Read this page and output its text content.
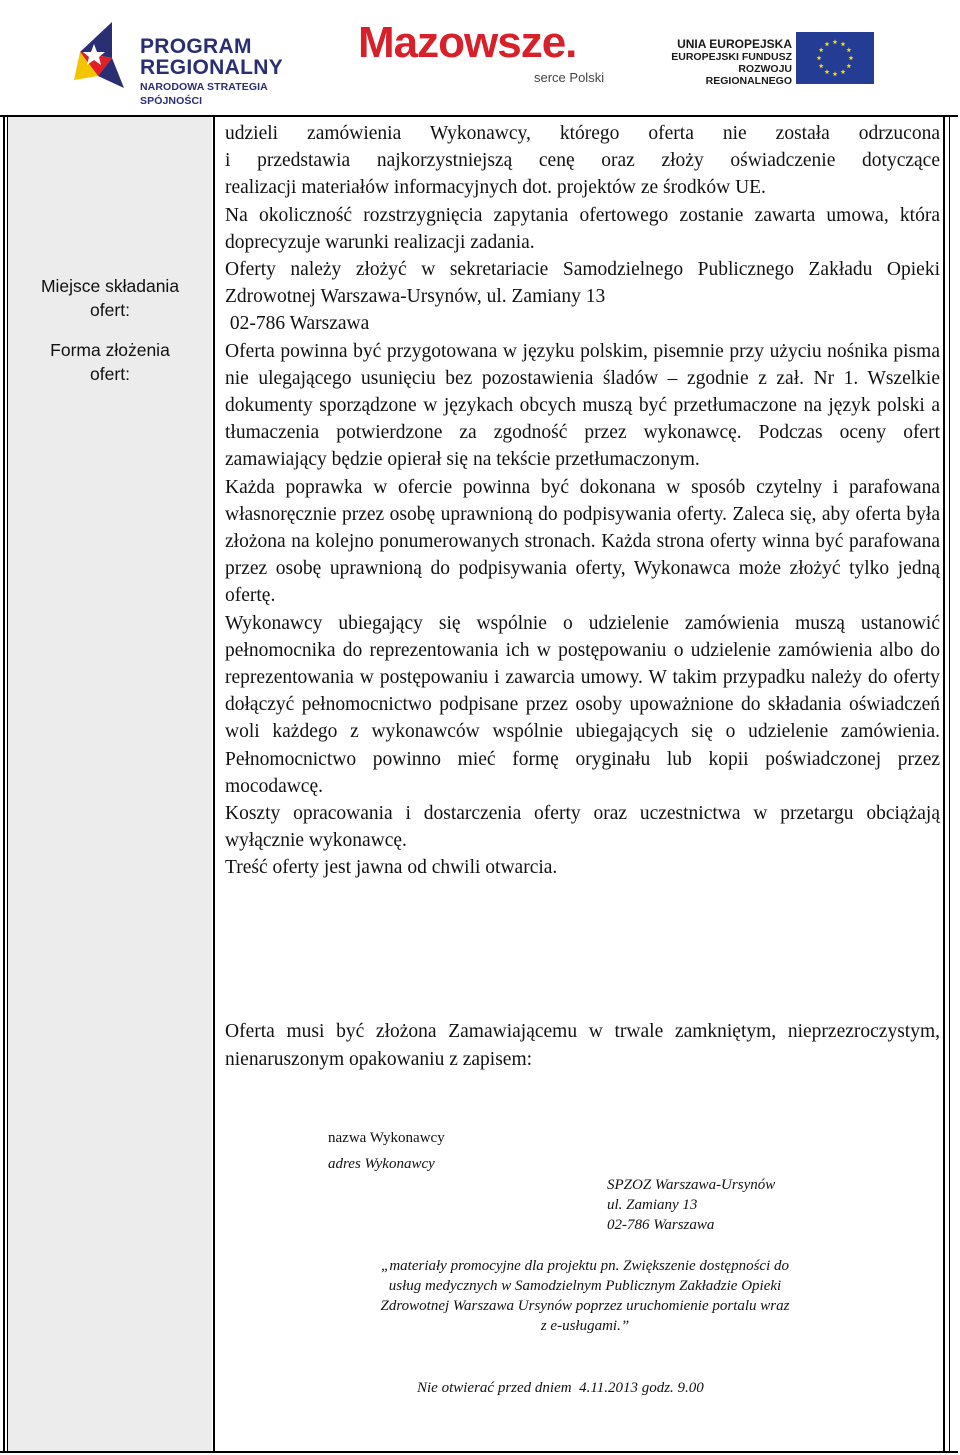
PROGRAM
REGIONALNY
NARODOWA STRATEGIA SPÓJNOŚCI
Mazowsze.
serce Polski
UNIA EUROPEJSKA
EUROPEJSKI FUNDUSZ
ROZWOJU REGIONALNEGO
Miejsce składania
ofert:
Forma złożenia
ofert:

udzieli zamówienia Wykonawcy, którego oferta nie została odrzucona

i przedstawia najkorzystniejszą cenę oraz złoży oświadczenie dotyczące

realizacji materiałów informacyjnych dot. projektów ze środków UE.

Na okoliczność rozstrzygnięcia zapytania ofertowego zostanie zawarta umowa, która doprecyzuje warunki realizacji zadania.

Oferty należy złożyć w sekretariacie Samodzielnego Publicznego Zakładu Opieki Zdrowotnej Warszawa-Ursynów, ul. Zamiany 13

02-786 Warszawa

Oferta powinna być przygotowana w języku polskim, pisemnie przy użyciu nośnika pisma nie ulegającego usunięciu bez pozostawienia śladów – zgodnie z zał. Nr 1. Wszelkie dokumenty sporządzone w językach obcych muszą być przetłumaczone na język polski a tłumaczenia potwierdzone za zgodność przez wykonawcę. Podczas oceny ofert zamawiający będzie opierał się na tekście przetłumaczonym.

Każda poprawka w ofercie powinna być dokonana w sposób czytelny i parafowana własnoręcznie przez osobę uprawnioną do podpisywania oferty. Zaleca się, aby oferta była złożona na kolejno ponumerowanych stronach. Każda strona oferty winna być parafowana przez osobę uprawnioną do podpisywania oferty, Wykonawca może złożyć tylko jedną ofertę.

Wykonawcy ubiegający się wspólnie o udzielenie zamówienia muszą ustanowić pełnomocnika do reprezentowania ich w postępowaniu o udzielenie zamówienia albo do reprezentowania w postępowaniu i zawarcia umowy. W takim przypadku należy do oferty dołączyć pełnomocnictwo podpisane przez osoby upoważnione do składania oświadczeń woli każdego z wykonawców wspólnie ubiegających się o udzielenie zamówienia. Pełnomocnictwo powinno mieć formę oryginału lub kopii poświadczonej przez mocodawcę.

Koszty opracowania i dostarczenia oferty oraz uczestnictwa w przetargu obciążają wyłącznie wykonawcę.

Treść oferty jest jawna od chwili otwarcia.

Oferta musi być złożona Zamawiającemu w trwale zamkniętym, nieprzezroczystym, nienaruszonym opakowaniu z zapisem:
nazwa Wykonawcy
adres Wykonawcy
SPZOZ Warszawa-Ursynów
ul. Zamiany 13
02-786 Warszawa
„materiały promocyjne dla projektu pn. Zwiększenie dostępności do
usług medycznych w Samodzielnym Publicznym Zakładzie Opieki
Zdrowotnej Warszawa Ursynów poprzez uruchomienie portalu wraz
z e-usługami.”
Nie otwierać przed dniem  4.11.2013 godz. 9.00
